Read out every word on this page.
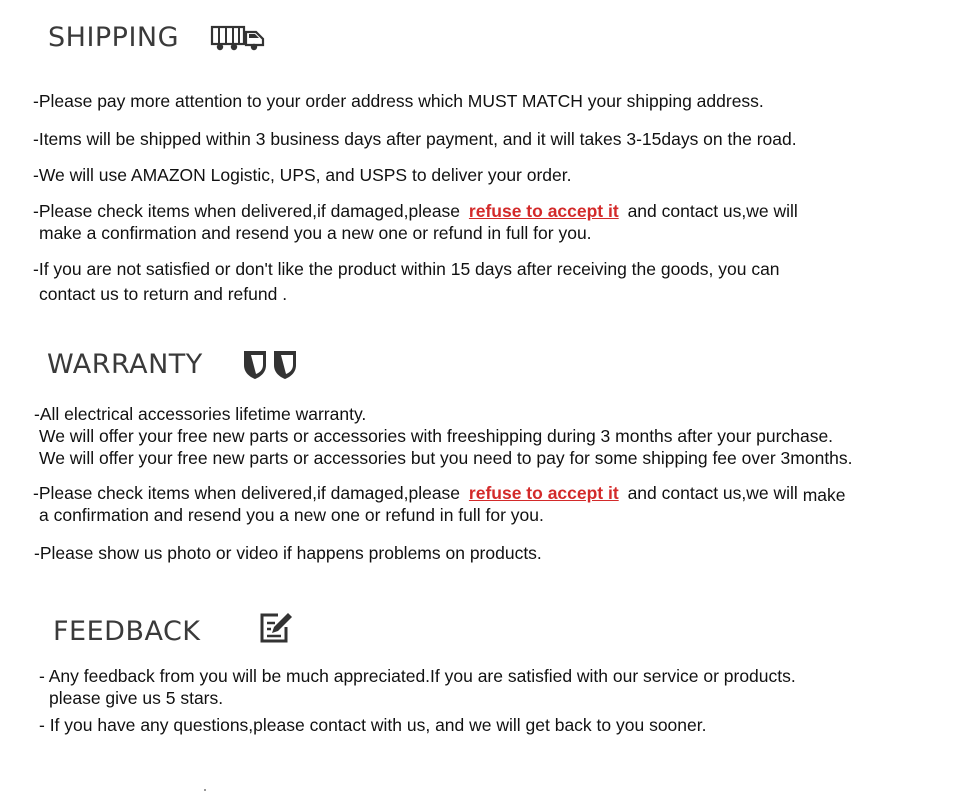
SHIPPING
-Please pay more attention to your order address which MUST MATCH your shipping address.
-Items will be shipped within 3 business days after payment, and it will takes 3-15days on the road.
-We will use AMAZON Logistic, UPS, and USPS to deliver your order.
-Please check items when delivered,if damaged,please refuse to accept it and contact us,we will
make a confirmation and resend you a new one or refund in full for you.
-If you are not satisfied or don't like the product within 15 days after receiving the goods, you can
contact us to return and refund .
WARRANTY
-All electrical accessories lifetime warranty.
We will offer your free new parts or accessories with freeshipping during 3 months after your purchase.
We will offer your free new parts or accessories but you need to pay for some shipping fee over 3months.
-Please check items when delivered,if damaged,please refuse to accept it and contact us,we will make
a confirmation and resend you a new one or refund in full for you.
-Please show us photo or video if happens problems on products.
FEEDBACK
- Any feedback from you will be much appreciated.If you are satisfied with our service or products.
please give us 5 stars.
- If you have any questions,please contact with us, and we will get back to you sooner.
